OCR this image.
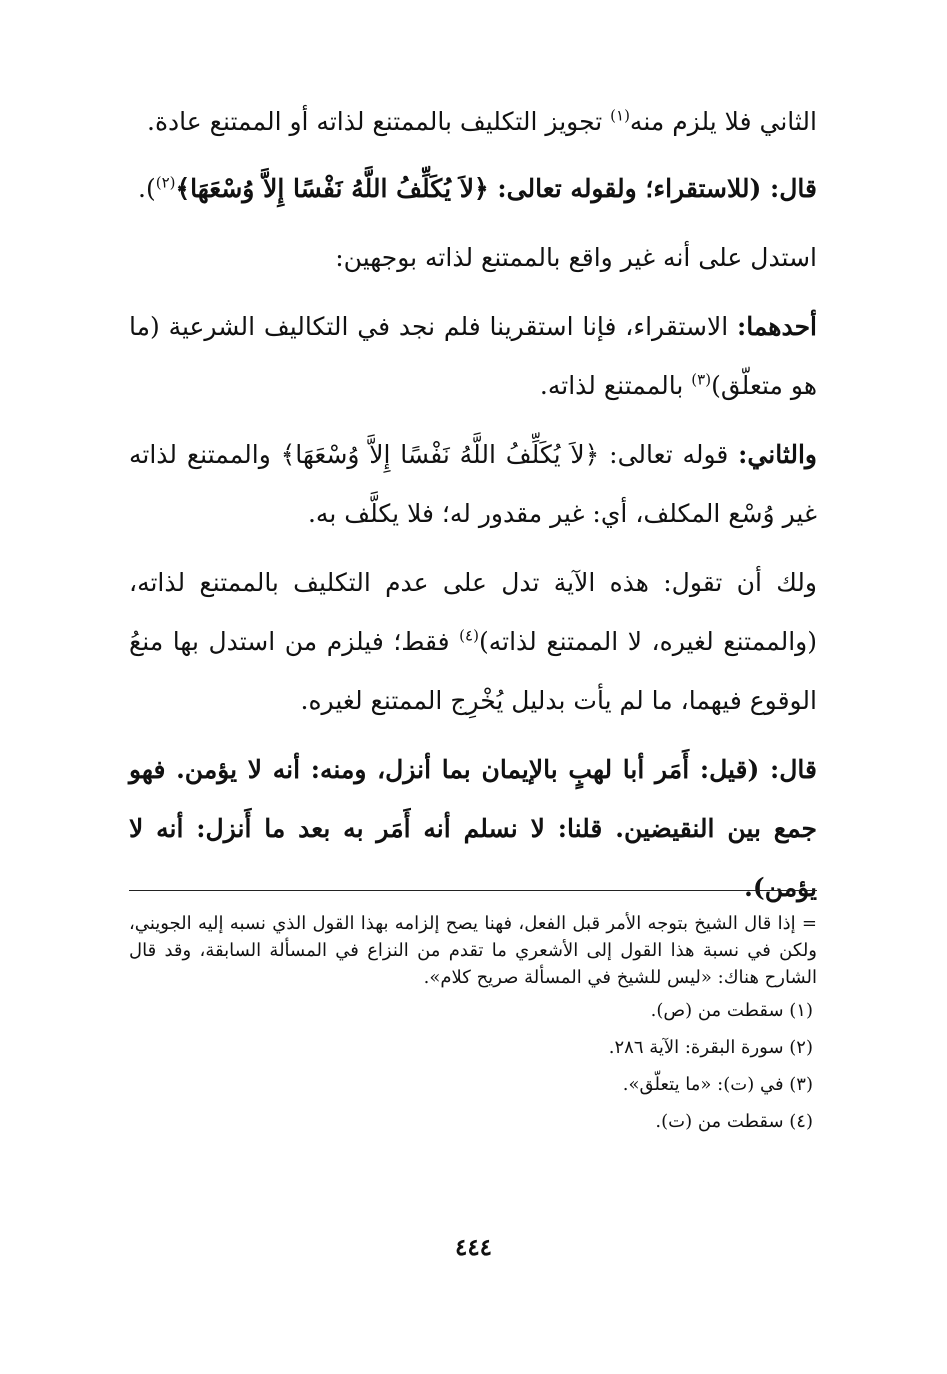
الثاني فلا يلزم منه$^{(١)}$ تجويز التكليف بالممتنع لذاته أو الممتنع عادة.

قال: (للاستقراء؛ ولقوله تعالى: ﴿لاَ يُكَلِّفُ اللَّهُ نَفْسًا إِلاَّ وُسْعَهَا﴾$^{(٢)}$).

استدل على أنه غير واقع بالممتنع لذاته بوجهين:

أحدهما: الاستقراء، فإنا استقرينا فلم نجد في التكاليف الشرعية (ما هو متعلّق)$^{(٣)}$ بالممتنع لذاته.

والثاني: قوله تعالى: ﴿لاَ يُكَلِّفُ اللَّهُ نَفْسًا إِلاَّ وُسْعَهَا﴾ والممتنع لذاته غير وُسْع المكلف، أي: غير مقدور له؛ فلا يكلَّف به.

ولك أن تقول: هذه الآية تدل على عدم التكليف بالممتنع لذاته، (والممتنع لغيره، لا الممتنع لذاته)$^{(٤)}$ فقط؛ فيلزم من استدل بها منعُ الوقوع فيهما، ما لم يأت بدليل يُخْرِج الممتنع لغيره.

قال: (قيل: أَمَر أبا لهبٍ بالإيمان بما أنزل، ومنه: أنه لا يؤمن. فهو جمع بين النقيضين. قلنا: لا نسلم أنه أَمَر به بعد ما أَنزل: أنه لا يؤمن).

= إذا قال الشيخ بتوجه الأمر قبل الفعل، فهنا يصح إلزامه بهذا القول الذي نسبه إليه الجويني، ولكن في نسبة هذا القول إلى الأشعري ما تقدم من النزاع في المسألة السابقة، وقد قال الشارح هناك: «ليس للشيخ في المسألة صريح كلام».

(١) سقطت من (ص).

(٢) سورة البقرة: الآية ٢٨٦.

(٣) في (ت): «ما يتعلّق».

(٤) سقطت من (ت).

٤٤٤
